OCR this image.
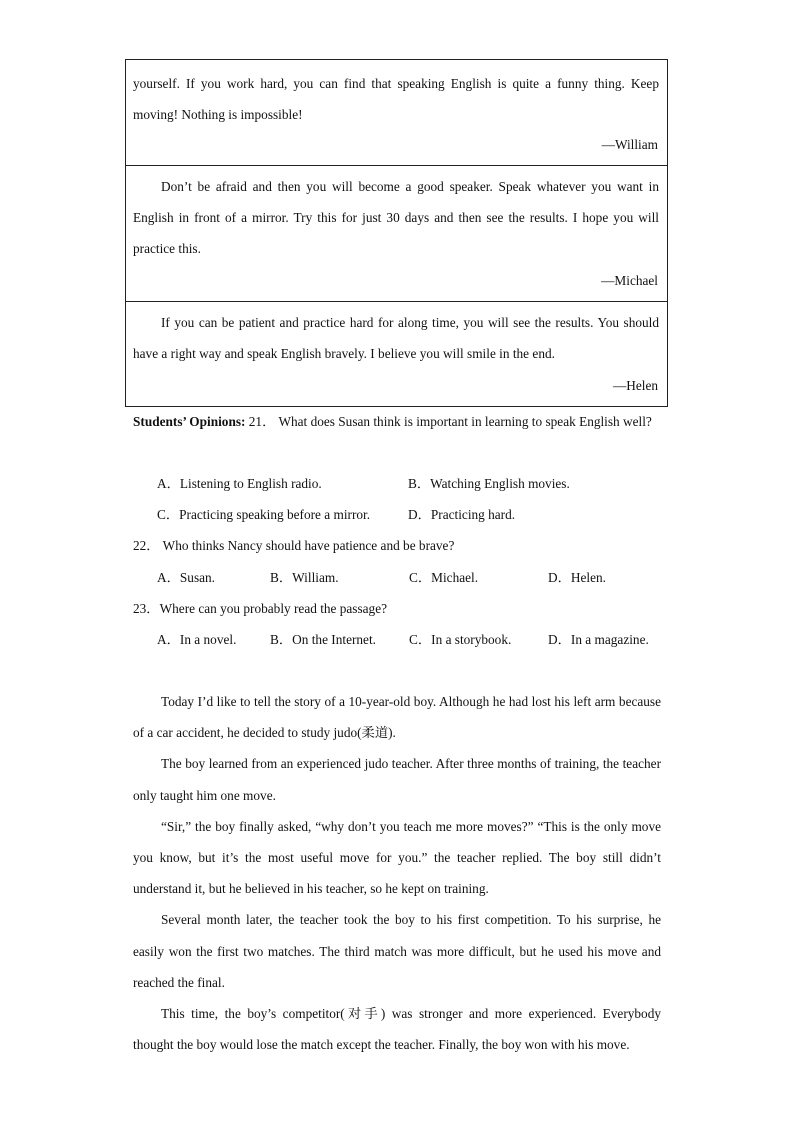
yourself. If you work hard, you can find that speaking English is quite a funny thing. Keep moving! Nothing is impossible!

—William

Don’t be afraid and then you will become a good speaker. Speak whatever you want in English in front of a mirror. Try this for just 30 days and then see the results. I hope you will practice this.

—Michael

If you can be patient and practice hard for along time, you will see the results. You should have a right way and speak English bravely. I believe you will smile in the end.

—Helen
Students’ Opinions: 21． What does Susan think is important in learning to speak English well?
A．Listening to English radio.	B．Watching English movies.
C．Practicing speaking before a mirror.	D．Practicing hard.
22． Who thinks Nancy should have patience and be brave?
A．Susan.	B．William.	C．Michael.	D．Helen.
23．Where can you probably read the passage?
A．In a novel.	B．On the Internet. C．In a storybook.	D．In a magazine.

Today I’d like to tell the story of a 10-year-old boy. Although he had lost his left arm because of a car accident, he decided to study judo(柔道).

The boy learned from an experienced judo teacher. After three months of training, the teacher only taught him one move.

“Sir,” the boy finally asked, “why don’t you teach me more moves?” “This is the only move you know, but it’s the most useful move for you.” the teacher replied. The boy still didn’t understand it, but he believed in his teacher, so he kept on training.

Several month later, the teacher took the boy to his first competition. To his surprise, he easily won the first two matches. The third match was more difficult, but he used his move and reached the final.

This time, the boy’s competitor(对手) was stronger and more experienced. Everybody thought the boy would lose the match except the teacher. Finally, the boy won with his move.
